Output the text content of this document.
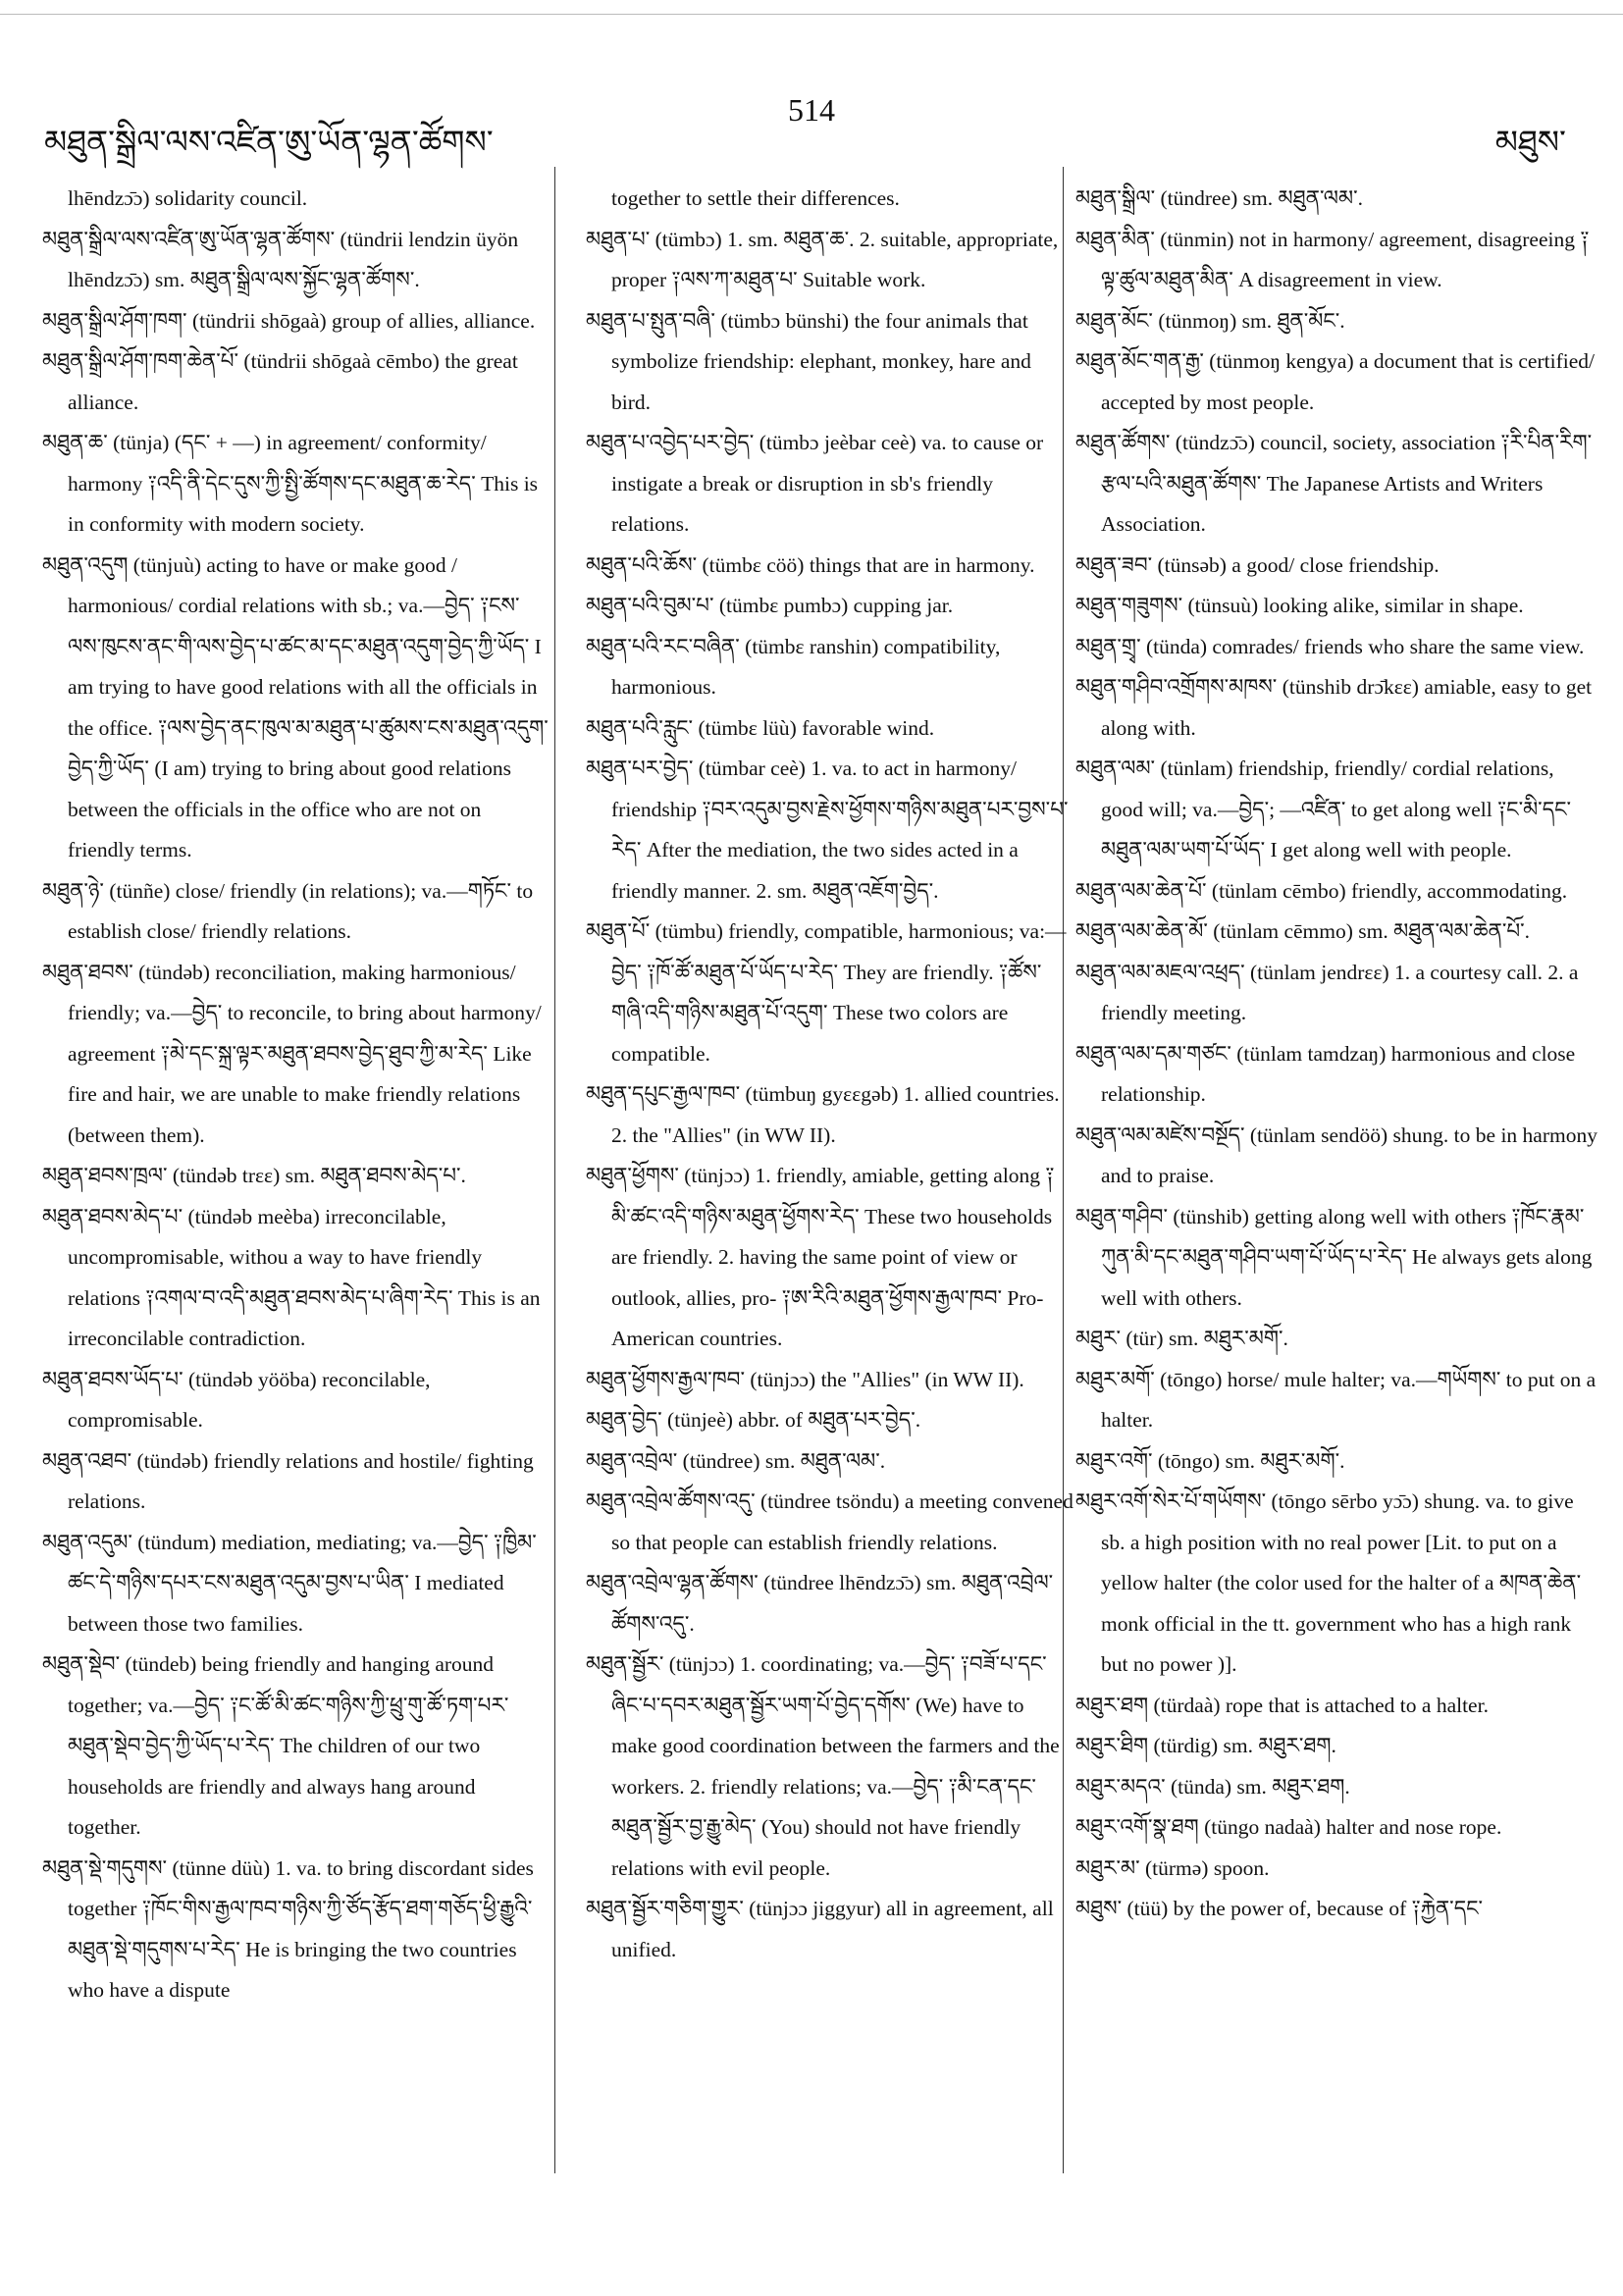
མཐུན་སྒྲིལ་ལས་འཛིན་ཨུ་ཡོན་ལྷན་ཚོགས་
514
མཐུས་
lhēndzɔ̄ɔ) solidarity council.
མཐུན་སྒྲིལ་ལས་འཛིན་ཨུ་ཡོན་ལྷན་ཚོགས་ (tündrii lendzin üyön lhēndzɔ̄ɔ) sm. མཐུན་སྒྲིལ་ལས་སྐྱོང་ལྷན་ཚོགས་.
མཐུན་སྒྲིལ་ཤོག་ཁག་ (tündrii shōgaà) group of allies, alliance.
མཐུན་སྒྲིལ་ཤོག་ཁག་ཆེན་པོ་ (tündrii shōgaà cēmbo) the great alliance.
མཐུན་ཆ་ (tünja) (དང་ + —) in agreement/ conformity/ harmony ༑འདི་ནི་དེང་དུས་ཀྱི་སྤྱི་ཚོགས་དང་མཐུན་ཆ་རེད་ This is in conformity with modern society.
མཐུན་འདུག (tünjuù) acting to have or make good / harmonious/ cordial relations with sb.; va.—བྱེད་ ༑ངས་ལས་ཁུངས་ནང་གི་ལས་བྱེད་པ་ཚང་མ་དང་མཐུན་འདུག་བྱེད་ཀྱི་ཡོད་ I am trying to have good relations with all the officials in the office. ༑ལས་བྱེད་ནང་ཁུལ་མ་མཐུན་པ་ཚུམས་ངས་མཐུན་འདུག་བྱེད་ཀྱི་ཡོད་ (I am) trying to bring about good relations between the officials in the office who are not on friendly terms.
མཐུན་ཉེ་ (tünñe) close/ friendly (in relations); va.—གཏོང་ to establish close/ friendly relations.
མཐུན་ཐབས་ (tündəb) reconciliation, making harmonious/ friendly; va.—བྱེད་ to reconcile, to bring about harmony/ agreement ༑མེ་དང་སྐྲ་ལྟར་མཐུན་ཐབས་བྱེད་ཐུབ་ཀྱི་མ་རེད་ Like fire and hair, we are unable to make friendly relations (between them).
མཐུན་ཐབས་ཁྲལ་ (tündəb trɛɛ) sm. མཐུན་ཐབས་མེད་པ་.
མཐུན་ཐབས་མེད་པ་ (tündəb meèba) irreconcilable, uncompromisable, withou a way to have friendly relations ༑འགལ་བ་འདི་མཐུན་ཐབས་མེད་པ་ཞིག་རེད་ This is an irreconcilable contradiction.
མཐུན་ཐབས་ཡོད་པ་ (tündəb yööba) reconcilable, compromisable.
མཐུན་འཐབ་ (tündəb) friendly relations and hostile/ fighting relations.
མཐུན་འདུམ་ (tündum) mediation, mediating; va.—བྱེད་ ༑ཁྱིམ་ཚང་དེ་གཉིས་དཔར་ངས་མཐུན་འདུམ་བྱས་པ་ཡིན་ I mediated between those two families.
མཐུན་སྡེབ་ (tündeb) being friendly and hanging around together; va.—བྱེད་ ༑ང་ཚོ་མི་ཚང་གཉིས་ཀྱི་ཕྲུ་གུ་ཚོ་ཏག་པར་མཐུན་སྡེབ་བྱེད་ཀྱི་ཡོད་པ་རེད་ The children of our two households are friendly and always hang around together.
མཐུན་སྡེ་གདུགས་ (tünne düù) 1. va. to bring discordant sides together ༑ཁོང་གིས་རྒྱལ་ཁབ་གཉིས་ཀྱི་ཙོད་རྩོད་ཐག་གཅོད་ཕྱི་རྒྱུའི་མཐུན་སྡེ་གདུགས་པ་རེད་ He is bringing the two countries who have a dispute
together to settle their differences.
མཐུན་པ་ (tümbɔ) 1. sm. མཐུན་ཆ་. 2. suitable, appropriate, proper ༑ལས་ཀ་མཐུན་པ་ Suitable work.
མཐུན་པ་སྤུན་བཞི་ (tümbɔ bünshi) the four animals that symbolize friendship: elephant, monkey, hare and bird.
མཐུན་པ་འབྱེད་པར་བྱེད་ (tümbɔ jeèbar ceè) va. to cause or instigate a break or disruption in sb's friendly relations.
མཐུན་པའི་ཆོས་ (tümbɛ cöö) things that are in harmony.
མཐུན་པའི་བུམ་པ་ (tümbɛ pumbɔ) cupping jar.
མཐུན་པའི་རང་བཞིན་ (tümbɛ ranshin) compatibility, harmonious.
མཐུན་པའི་རླུང་ (tümbɛ lüù) favorable wind.
མཐུན་པར་བྱེད་ (tümbar ceè) 1. va. to act in harmony/ friendship ༑བར་འདུམ་བྱས་རྗེས་ཕྱོགས་གཉིས་མཐུན་པར་བྱས་པ་རེད་ After the mediation, the two sides acted in a friendly manner. 2. sm. མཐུན་འཇོག་བྱེད་.
མཐུན་པོ་ (tümbu) friendly, compatible, harmonious; va:—བྱེད་ ༑ཁོ་ཚོ་མཐུན་པོ་ཡོད་པ་རེད་ They are friendly. ༑ཚོས་གཞི་འདི་གཉིས་མཐུན་པོ་འདུག་ These two colors are compatible.
མཐུན་དཔུང་རྒྱལ་ཁབ་ (tümbuŋ gyɛɛgəb) 1. allied countries. 2. the "Allies" (in WW II).
མཐུན་ཕྱོགས་ (tünjɔɔ) 1. friendly, amiable, getting along ༑མི་ཚང་འདི་གཉིས་མཐུན་ཕྱོགས་རེད་ These two households are friendly. 2. having the same point of view or outlook, allies, pro- ༑ཨ་རིའི་མཐུན་ཕྱོགས་རྒྱལ་ཁབ་ Pro-American countries.
མཐུན་ཕྱོགས་རྒྱལ་ཁབ་ (tünjɔɔ) the "Allies" (in WW II).
མཐུན་བྱེད་ (tünjeè) abbr. of མཐུན་པར་བྱེད་.
མཐུན་འབྲེལ་ (tündree) sm. མཐུན་ལམ་.
མཐུན་འབྲེལ་ཚོགས་འདུ་ (tündree tsöndu) a meeting convened so that people can establish friendly relations.
མཐུན་འབྲེལ་ལྷན་ཚོགས་ (tündree lhēndzɔ̄ɔ) sm. མཐུན་འབྲེལ་ཚོགས་འདུ་.
མཐུན་སྦྱོར་ (tünjɔɔ) 1. coordinating; va.—བྱེད་ ༑བཟོ་པ་དང་ཞིང་པ་དབར་མཐུན་སྦྱོར་ཡག་པོ་བྱེད་དགོས་ (We) have to make good coordination between the farmers and the workers. 2. friendly relations; va.—བྱེད་ ༑མི་ངན་དང་མཐུན་སྦྱོར་བྱ་རྒྱུ་མེད་ (You) should not have friendly relations with evil people.
མཐུན་སྦྱོར་གཅིག་གྱུར་ (tünjɔɔ jiggyur) all in agreement, all unified.
མཐུན་སྒྲིལ་ (tündree) sm. མཐུན་ལམ་.
མཐུན་མིན་ (tünmin) not in harmony/ agreement, disagreeing ༑ལྟ་ཚུལ་མཐུན་མིན་ A disagreement in view.
མཐུན་མོང་ (tünmoŋ) sm. ཐུན་མོང་.
མཐུན་མོང་གན་རྒྱ་ (tünmoŋ kengya) a document that is certified/ accepted by most people.
མཐུན་ཚོགས་ (tündzɔ̄ɔ) council, society, association ༑རི་པིན་རིག་རྩལ་པའི་མཐུན་ཚོགས་ The Japanese Artists and Writers Association.
མཐུན་ཟབ་ (tünsəb) a good/ close friendship.
མཐུན་གཟུགས་ (tünsuù) looking alike, similar in shape.
མཐུན་གྲྭ་ (tünda) comrades/ friends who share the same view.
མཐུན་གཤིབ་འགྲོགས་མཁས་ (tünshib drɔ̄kɛɛ) amiable, easy to get along with.
མཐུན་ལམ་ (tünlam) friendship, friendly/ cordial relations, good will; va.—བྱེད་; —འཛིན་ to get along well ༑ང་མི་དང་མཐུན་ལམ་ཡག་པོ་ཡོད་ I get along well with people.
མཐུན་ལམ་ཆེན་པོ་ (tünlam cēmbo) friendly, accommodating.
མཐུན་ལམ་ཆེན་མོ་ (tünlam cēmmo) sm. མཐུན་ལམ་ཆེན་པོ་.
མཐུན་ལམ་མཇལ་འཕྲད་ (tünlam jendrɛɛ) 1. a courtesy call. 2. a friendly meeting.
མཐུན་ལམ་དམ་གཙང་ (tünlam tamdzaŋ) harmonious and close relationship.
མཐུན་ལམ་མཛེས་བསྔོད་ (tünlam sendöö) shung. to be in harmony and to praise.
མཐུན་གཤིབ་ (tünshib) getting along well with others ༑ཁོང་རྣམ་ཀུན་མི་དང་མཐུན་གཤིབ་ཡག་པོ་ཡོད་པ་རེད་ He always gets along well with others.
མཐུར་ (tür) sm. མཐུར་མགོ་.
མཐུར་མགོ་ (tōngo) horse/ mule halter; va.—གཡོགས་ to put on a halter.
མཐུར་འགོ་ (tōngo) sm. མཐུར་མགོ་.
མཐུར་འགོ་སེར་པོ་གཡོགས་ (tōngo sērbo yɔ̄ɔ) shung. va. to give sb. a high position with no real power [Lit. to put on a yellow halter (the color used for the halter of a མཁན་ཆེན་ monk official in the tt. government who has a high rank but no power )].
མཐུར་ཐག (türdaà) rope that is attached to a halter.
མཐུར་ཐིག (türdig) sm. མཐུར་ཐག.
མཐུར་མདའ་ (tünda) sm. མཐུར་ཐག.
མཐུར་འགོ་སྣ་ཐག (tüngo nadaà) halter and nose rope.
མཐུར་མ་ (türmə) spoon.
མཐུས་ (tüü) by the power of, because of ༑རྐྱེན་དང་
